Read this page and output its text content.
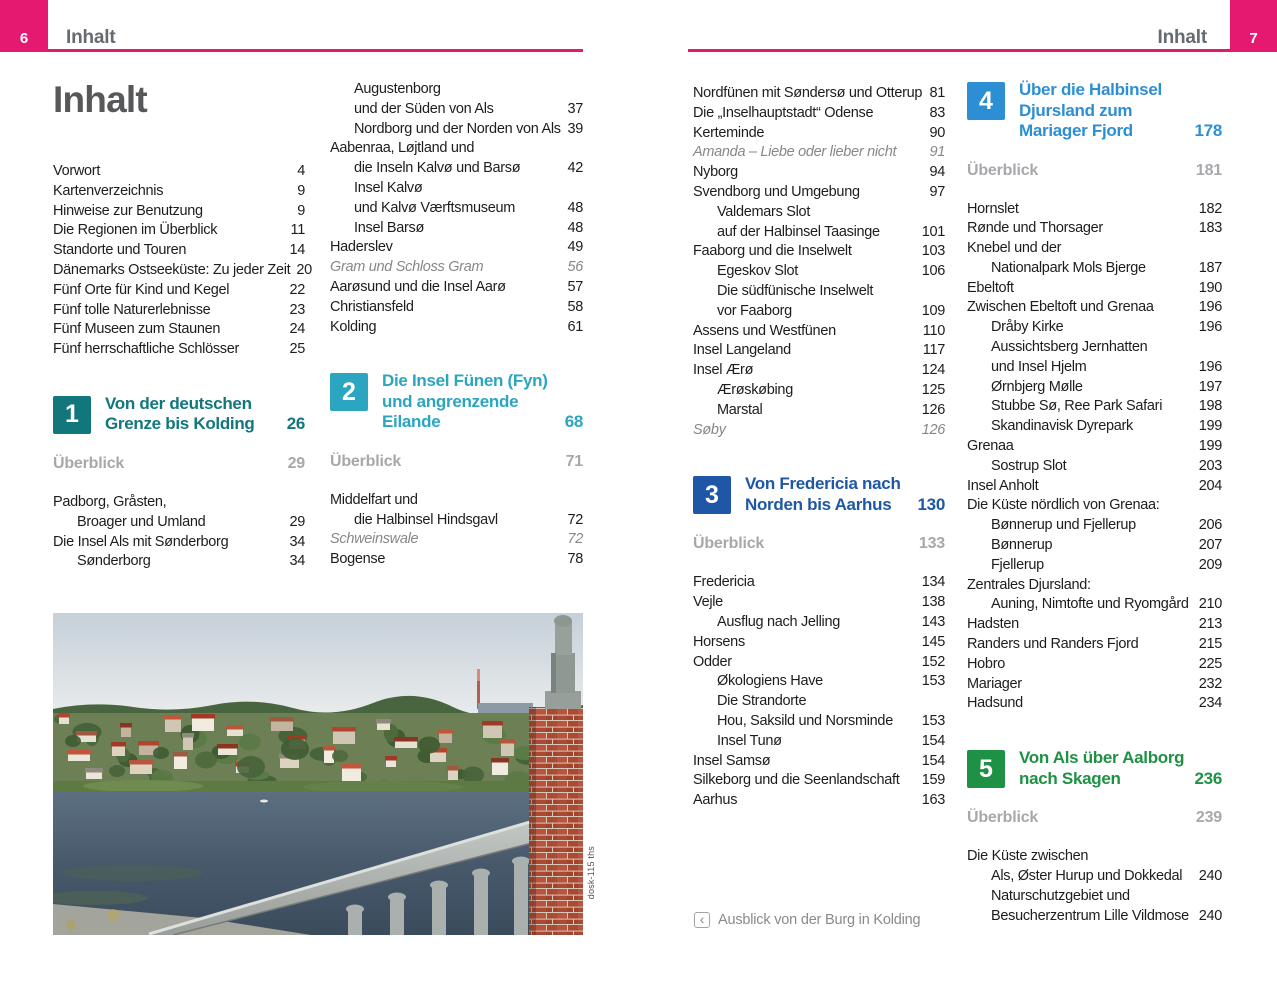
6 Inhalt	7
Inhalt
Inhalt
Vorwort	4
Kartenverzeichnis	9
Hinweise zur Benutzung	9
Die Regionen im Überblick	11
Standorte und Touren	14
Dänemarks Ostseeküste: Zu jeder Zeit 20
Fünf Orte für Kind und Kegel	22
Fünf tolle Naturerlebnisse	23
Fünf Museen zum Staunen	24
Fünf herrschaftliche Schlösser	25
1	Von der deutschen
Grenze bis Kolding 26
Überblick	29
Padborg, Gråsten,
Broager und Umland	29
Die Insel Als mit Sønderborg	34
Sønderborg	34
Augustenborg
und der Süden von Als	37
Nordborg und der Norden von Als 39
Aabenraa, Løjtland und
die Inseln Kalvø und Barsø	42
Insel Kalvø
und Kalvø Værftsmuseum	48
Insel Barsø	48
Haderslev	49
Gram und Schloss Gram	56
Aarøsund und die Insel Aarø	57
Christiansfeld	58
Kolding	61
2	Die Insel Fünen (Fyn)
und angrenzende
Eilande	68
Überblick	71
Middelfart und
die Halbinsel Hindsgavl	72
Schweinswale	72
Bogense	78
Nordfünen mit Søndersø und Otterup 81
Die „Inselhauptstadt“ Odense	83
Kerteminde	90
Amanda – Liebe oder lieber nicht 91
Nyborg	94
Svendborg und Umgebung	97
Valdemars Slot
auf der Halbinsel Taasinge	101
Faaborg und die Inselwelt	103
Egeskov Slot	106
Die südfünische Inselwelt
vor Faaborg	109
Assens und Westfünen	110
Insel Langeland	117
Insel Ærø	124
Ærøskøbing	125
Marstal	126
Søby	126
3	Von Fredericia nach
Norden bis Aarhus 130
Überblick	133
Fredericia	134
Vejle	138
Ausflug nach Jelling	143
Horsens	145
Odder	152
Økologiens Have	153
Die Strandorte
Hou, Saksild und Norsminde 153
Insel Tunø	154
Insel Samsø	154
Silkeborg und die Seenlandschaft 159
Aarhus	163
4	Über die Halbinsel
Djursland zum
Mariager Fjord	178
Überblick	181
Hornslet	182
Rønde und Thorsager	183
Knebel und der
Nationalpark Mols Bjerge	187
Ebeltoft	190
Zwischen Ebeltoft und Grenaa	196
Dråby Kirke	196
Aussichtsberg Jernhatten
und Insel Hjelm	196
Ørnbjerg Mølle	197
Stubbe Sø, Ree Park Safari	198
Skandinavisk Dyrepark	199
Grenaa	199
Sostrup Slot	203
Insel Anholt	204
Die Küste nördlich von Grenaa:
Bønnerup und Fjellerup	206
Bønnerup	207
Fjellerup	209
Zentrales Djursland:
Auning, Nimtofte und Ryomgård 210
Hadsten	213
Randers und Randers Fjord	215
Hobro	225
Mariager	232
Hadsund	234
5	Von Als über Aalborg
nach Skagen	236
Überblick	239
Die Küste zwischen
Als, Øster Hurup und Dokkedal 240
Naturschutzgebiet und
Besucherzentrum Lille Vildmose 240
dosk-115 ths
‹ Ausblick von der Burg in Kolding
